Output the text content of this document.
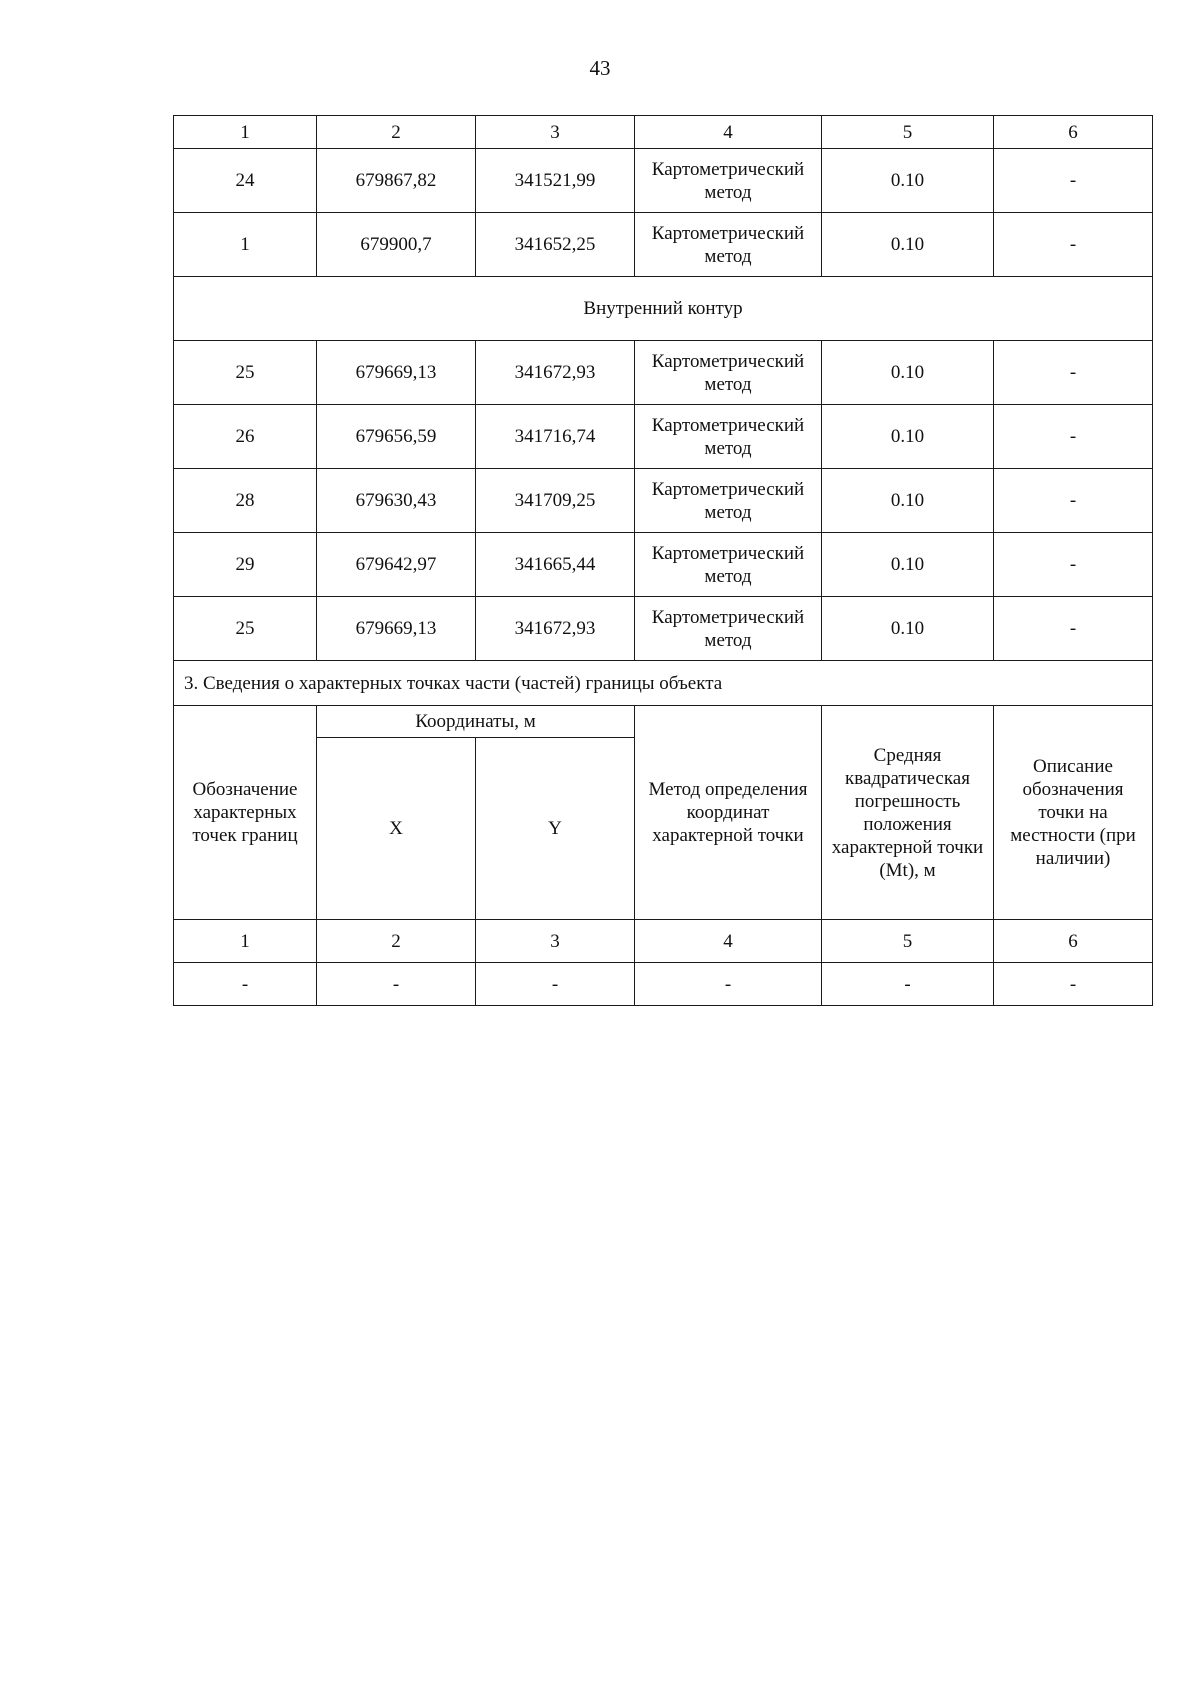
43
1	2	3	4	5	6
24	679867,82	341521,99	Картометрический метод	0.10	-
1	679900,7	341652,25	Картометрический метод	0.10	-
Внутренний контур					
25	679669,13	341672,93	Картометрический метод	0.10	-
26	679656,59	341716,74	Картометрический метод	0.10	-
28	679630,43	341709,25	Картометрический метод	0.10	-
29	679642,97	341665,44	Картометрический метод	0.10	-
25	679669,13	341672,93	Картометрический метод	0.10	-
3. Сведения о характерных точках части (частей) границы объекта					
Обозначение характерных точек границ	Координаты, м		Метод определения координат характерной точки	Средняя квадратическая погрешность положения характерной точки (Mt), м	Описание обозначения точки на местности (при наличии)
	X	Y			
1	2	3	4	5	6
-	-	-	-	-	-
